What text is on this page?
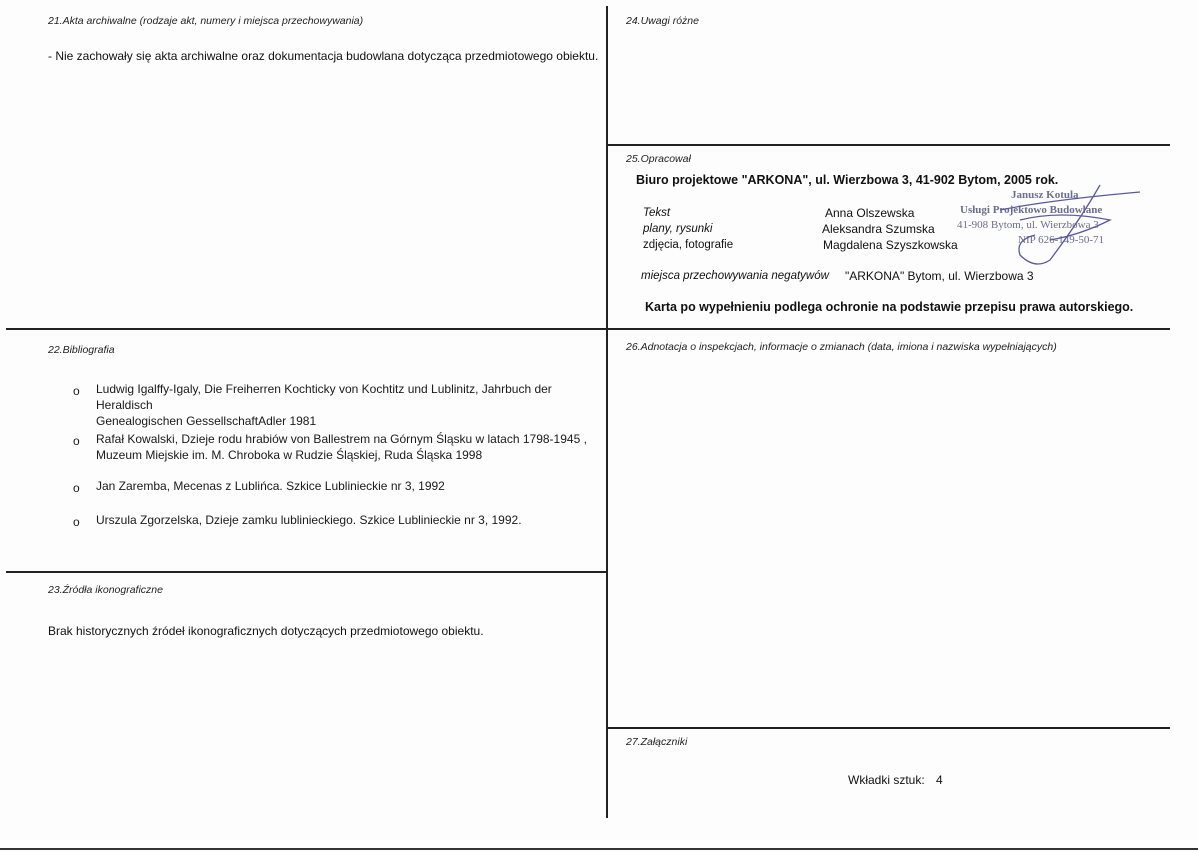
21.Akta archiwalne (rodzaje akt, numery i miejsca przechowywania)
- Nie zachowały się akta archiwalne oraz dokumentacja budowlana dotycząca przedmiotowego obiektu.
24.Uwagi różne
25.Opracował
Biuro projektowe "ARKONA", ul. Wierzbowa 3, 41-902 Bytom, 2005 rok.
Tekst	Anna Olszewska
plany, rysunki	Aleksandra Szumska
zdjęcia, fotografie	Magdalena Szyszkowska
miejsca przechowywania negatywów "ARKONA" Bytom, ul. Wierzbowa 3
Karta po wypełnieniu podlega ochronie na podstawie przepisu prawa autorskiego.
Janusz Kotula
Usługi Projektowo Budowlane
41-908 Bytom, ul. Wierzbowa 3
NIP 626-149-50-71
22.Bibliografia
o Ludwig Igalffy-Igaly, Die Freiherren Kochticky von Kochtitz und Lublinitz, Jahrbuch der Heraldisch
Genealogischen GessellschaftAdler 1981
o Rafał Kowalski, Dzieje rodu hrabiów von Ballestrem na Górnym Śląsku w latach 1798-1945 ,
Muzeum Miejskie im. M. Chroboka w Rudzie Śląskiej, Ruda Śląska 1998
o Jan Zaremba, Mecenas z Lublińca. Szkice Lublinieckie nr 3, 1992
o Urszula Zgorzelska, Dzieje zamku lublinieckiego. Szkice Lublinieckie nr 3, 1992.
23.Źródła ikonograficzne
Brak historycznych źródeł ikonograficznych dotyczących przedmiotowego obiektu.
26.Adnotacja o inspekcjach, informacje o zmianach (data, imiona i nazwiska wypełniających)
27.Załączniki
Wkładki sztuk: 4
